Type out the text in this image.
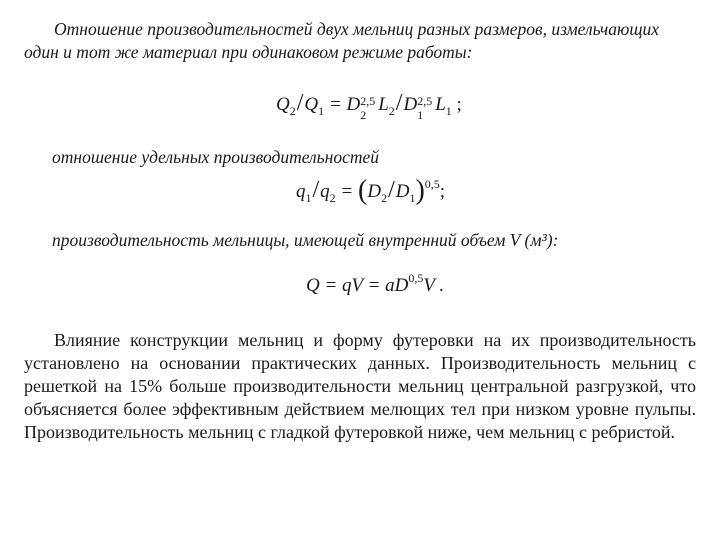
Отношение производительностей двух мельниц разных размеров, измельчающих
один и тот же материал при одинаковом режиме работы:
$Q_2/Q_1 = D$ 2,5
2 $L_2/D$ 2,5
1 $L_1$ ;
отношение удельных производительностей
$q_1/q_2 = (D_2/D_1)^{0,5}$;
производительность мельницы, имеющей внутренний объем V (м³):
Q = qV = aD$^{0,5}$V .
Влияние конструкции мельниц и форму футеровки на их производительность установлено на основании практических данных. Производительность мельниц с решеткой на 15% больше производительности мельниц центральной разгрузкой, что объясняется более эффективным действием мелющих тел при низком уровне пульпы. Производительность мельниц с гладкой футеровкой ниже, чем мельниц с ребристой.
